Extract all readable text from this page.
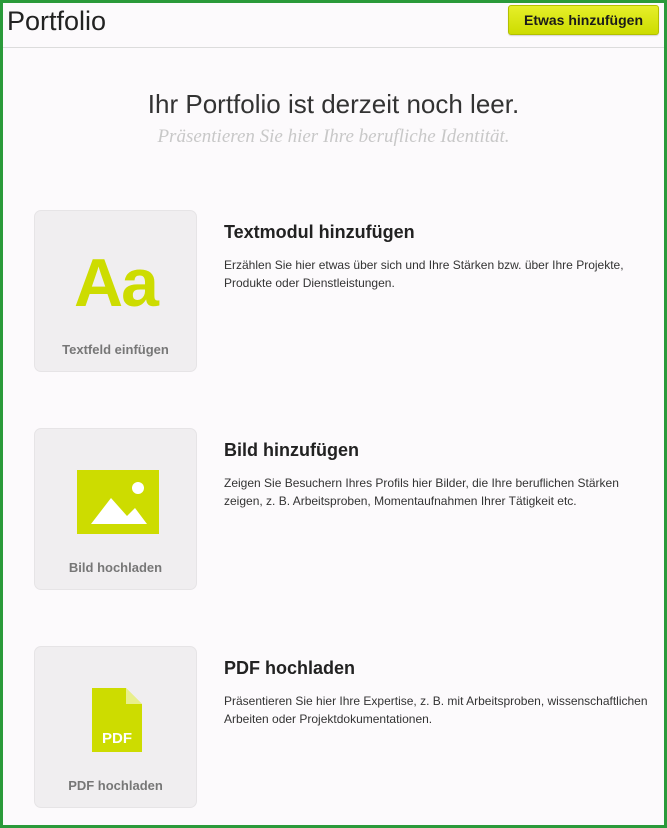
Portfolio	Etwas hinzufügen
Ihr Portfolio ist derzeit noch leer.

Präsentieren Sie hier Ihre berufliche Identität.

Aa
Textfeld einfügen
Textmodul hinzufügen

Erzählen Sie hier etwas über sich und Ihre Stärken bzw. über Ihre Projekte, Produkte oder Dienstleistungen.

Bild hochladen
Bild hinzufügen

Zeigen Sie Besuchern Ihres Profils hier Bilder, die Ihre beruflichen Stärken zeigen, z. B. Arbeitsproben, Momentaufnahmen Ihrer Tätigkeit etc.

PDF
PDF hochladen
PDF hochladen

Präsentieren Sie hier Ihre Expertise, z. B. mit Arbeitsproben, wissenschaftlichen Arbeiten oder Projektdokumentationen.
